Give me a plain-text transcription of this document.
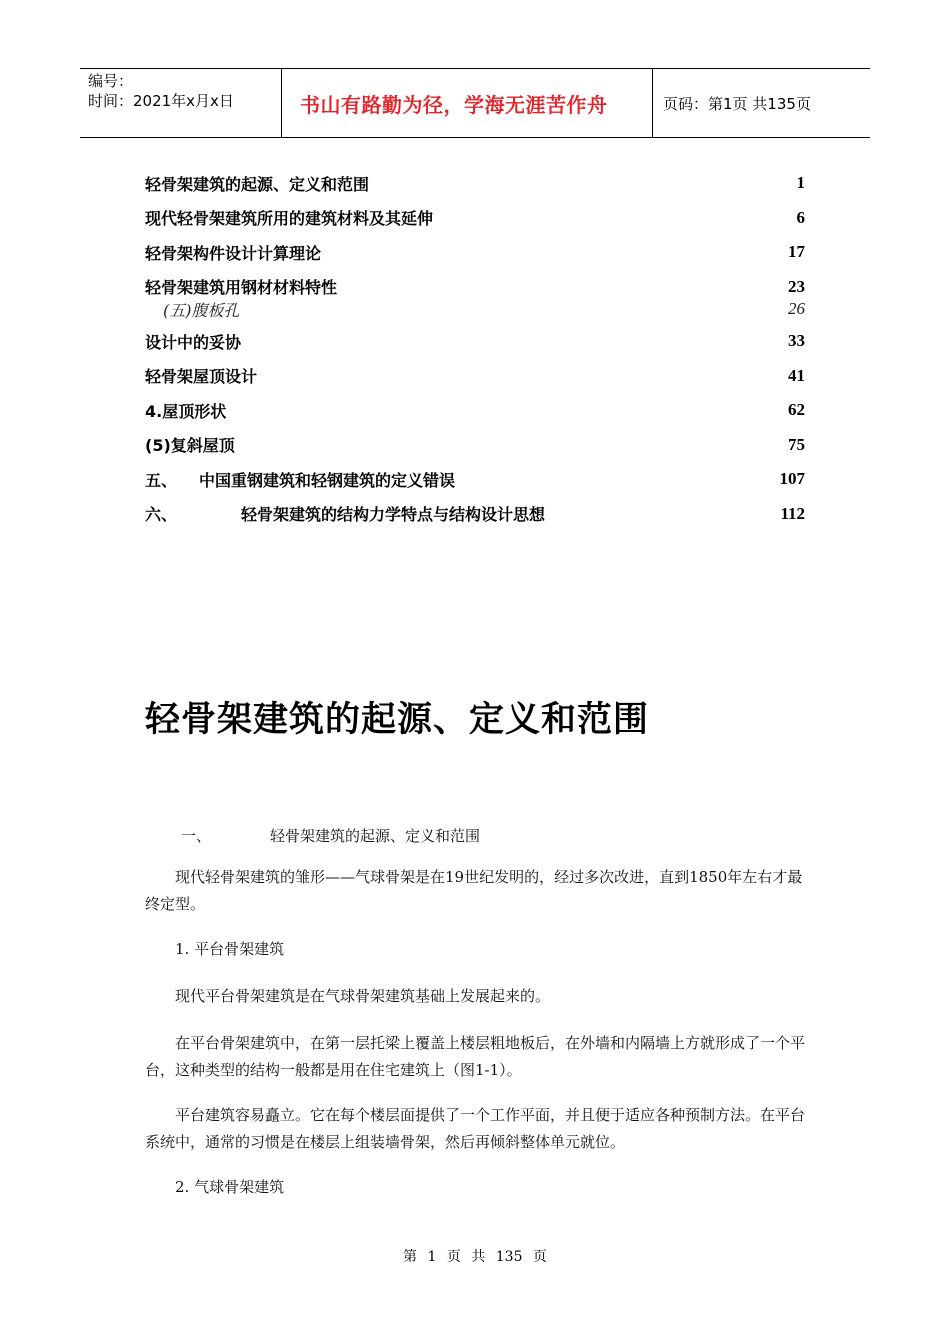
编号：
时间：2021年x月x日	书山有路勤为径，学海无涯苦作舟	页码：第1页 共135页
轻骨架建筑的起源、定义和范围	1
现代轻骨架建筑所用的建筑材料及其延伸	6
轻骨架构件设计计算理论	17
轻骨架建筑用钢材材料特性	23
(五)腹板孔	26
设计中的妥协	33
轻骨架屋顶设计	41
4.屋顶形状	62
(5)复斜屋顶	75
五、 中国重钢建筑和轻钢建筑的定义错误	107
六、	轻骨架建筑的结构力学特点与结构设计思想	112
轻骨架建筑的起源、定义和范围
一、	轻骨架建筑的起源、定义和范围

现代轻骨架建筑的雏形——气球骨架是在19世纪发明的，经过多次改进，直到1850年左右才最终定型。

1. 平台骨架建筑

现代平台骨架建筑是在气球骨架建筑基础上发展起来的。

在平台骨架建筑中，在第一层托梁上覆盖上楼层粗地板后，在外墙和内隔墙上方就形成了一个平台，这种类型的结构一般都是用在住宅建筑上（图1-1）。

平台建筑容易矗立。它在每个楼层面提供了一个工作平面，并且便于适应各种预制方法。在平台系统中，通常的习惯是在楼层上组装墙骨架，然后再倾斜整体单元就位。

2. 气球骨架建筑

第 1 页 共 135 页
